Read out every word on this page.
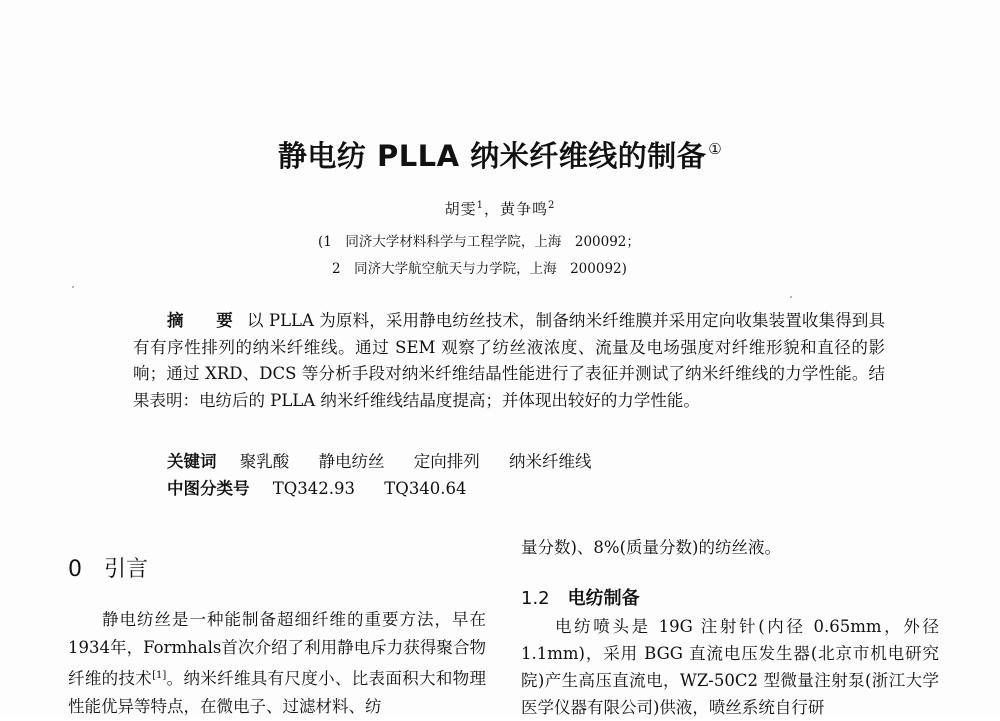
静电纺 PLLA 纳米纤维线的制备 ①
胡雯$^1$，黄争鸣$^2$
(1　同济大学材料科学与工程学院，上海　200092；
2　同济大学航空航天与力学院，上海　200092)
摘　要 以 PLLA 为原料，采用静电纺丝技术，制备纳米纤维膜并采用定向收集装置收集得到具有有序性排列的纳米纤维线。通过 SEM 观察了纺丝液浓度、流量及电场强度对纤维形貌和直径的影响；通过 XRD、DCS 等分析手段对纳米纤维结晶性能进行了表征并测试了纳米纤维线的力学性能。结果表明：电纺后的 PLLA 纳米纤维线结晶度提高；并体现出较好的力学性能。
关键词 聚乳酸 静电纺丝 定向排列 纳米纤维线
中图分类号 TQ342.93 TQ340.64
0 引言
静电纺丝是一种能制备超细纤维的重要方法，早在1934年，Formhals首次介绍了利用静电斥力获得聚合物纤维的技术[1]。纳米纤维具有尺度小、比表面积大和物理性能优异等特点，在微电子、过滤材料、纺
量分数)、8%(质量分数)的纺丝液。
1.2 电纺制备
电纺喷头是 19G 注射针(内径 0.65mm，外径 1.1mm)，采用 BGG 直流电压发生器(北京市机电研究院)产生高压直流电，WZ-50C2 型微量注射泵(浙江大学医学仪器有限公司)供液，喷丝系统自行研
